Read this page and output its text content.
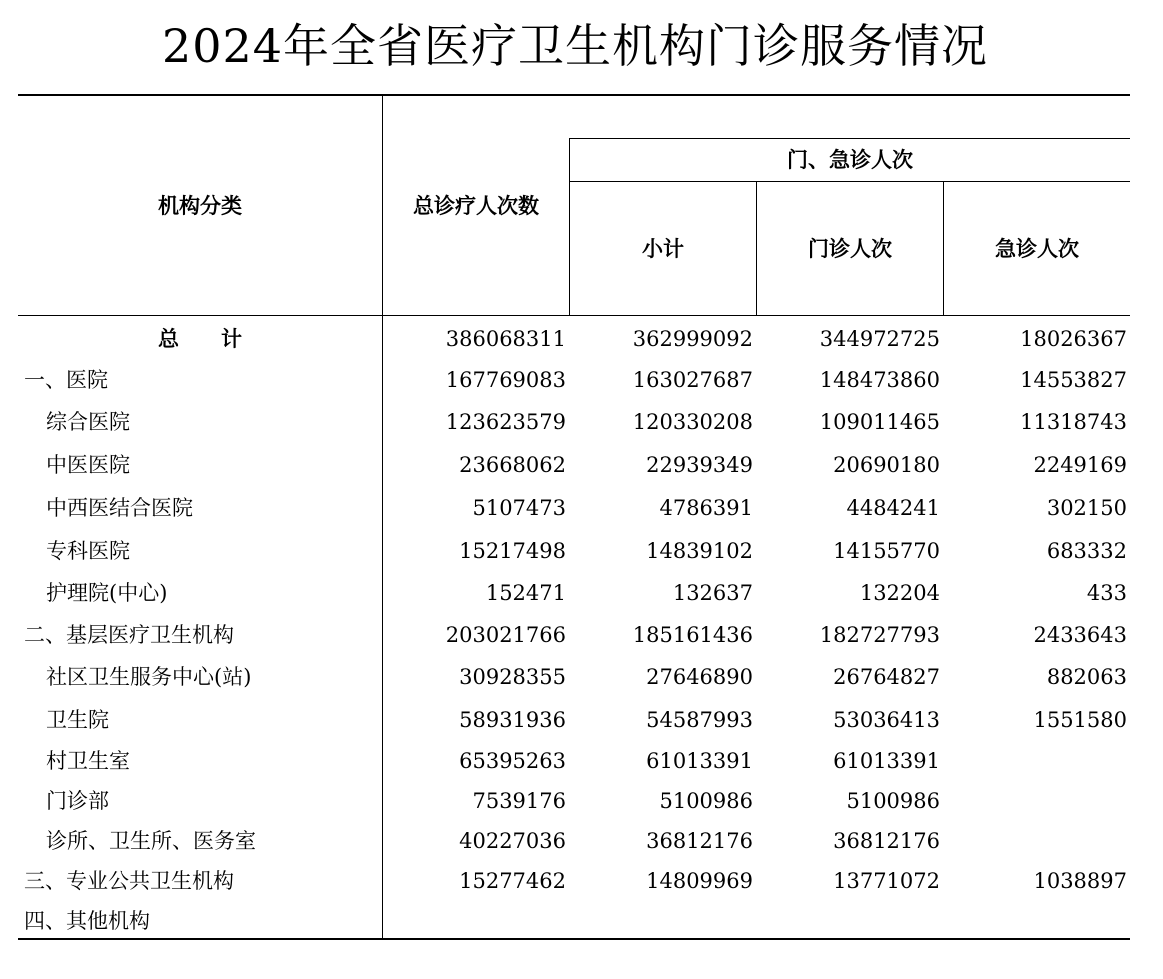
2024年全省医疗卫生机构门诊服务情况
机构分类	总诊疗人次数
门、急诊人次
小计	门诊人次	急诊人次
总　　计	386068311	362999092	344972725	18026367
一、医院	167769083	163027687	148473860	14553827
综合医院	123623579	120330208	109011465	11318743
中医医院	23668062	22939349	20690180	2249169
中西医结合医院	5107473	4786391	4484241	302150
专科医院	15217498	14839102	14155770	683332
护理院(中心)	152471	132637	132204	433
二、基层医疗卫生机构	203021766	185161436	182727793	2433643
社区卫生服务中心(站)	30928355	27646890	26764827	882063
卫生院	58931936	54587993	53036413	1551580
村卫生室	65395263	61013391	61013391
门诊部	7539176	5100986	5100986
诊所、卫生所、医务室	40227036	36812176	36812176
三、专业公共卫生机构	15277462	14809969	13771072	1038897
四、其他机构
